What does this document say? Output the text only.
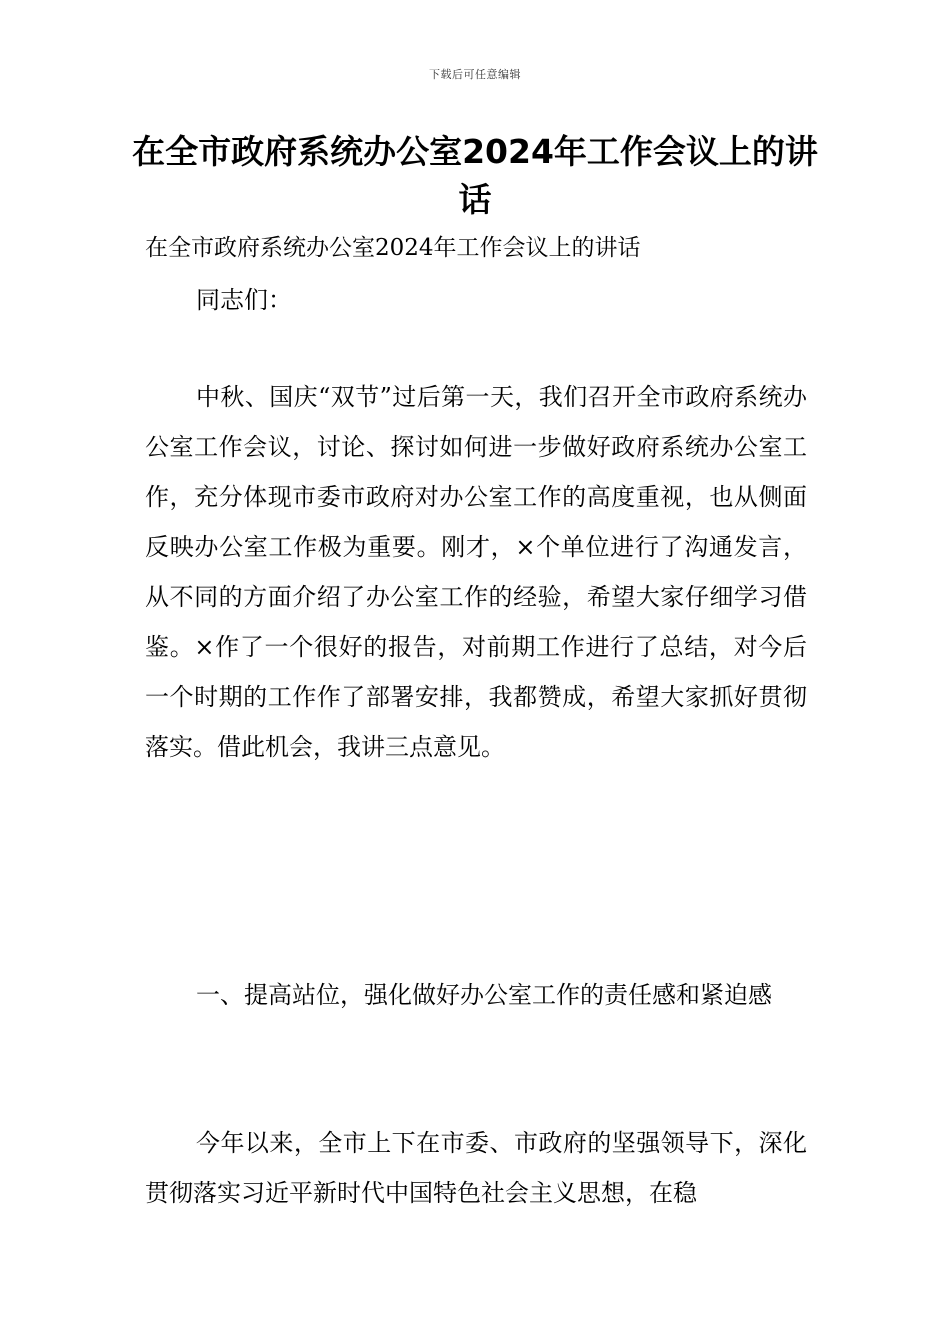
下载后可任意编辑
在全市政府系统办公室2024年工作会议上的讲话

在全市政府系统办公室2024年工作会议上的讲话

同志们：

中秋、国庆“双节”过后第一天，我们召开全市政府系统办公室工作会议，讨论、探讨如何进一步做好政府系统办公室工作，充分体现市委市政府对办公室工作的高度重视，也从侧面反映办公室工作极为重要。刚才，×个单位进行了沟通发言，从不同的方面介绍了办公室工作的经验，希望大家仔细学习借鉴。×作了一个很好的报告，对前期工作进行了总结，对今后一个时期的工作作了部署安排，我都赞成，希望大家抓好贯彻落实。借此机会，我讲三点意见。

一、提高站位，强化做好办公室工作的责任感和紧迫感

今年以来，全市上下在市委、市政府的坚强领导下，深化贯彻落实习近平新时代中国特色社会主义思想，在稳
